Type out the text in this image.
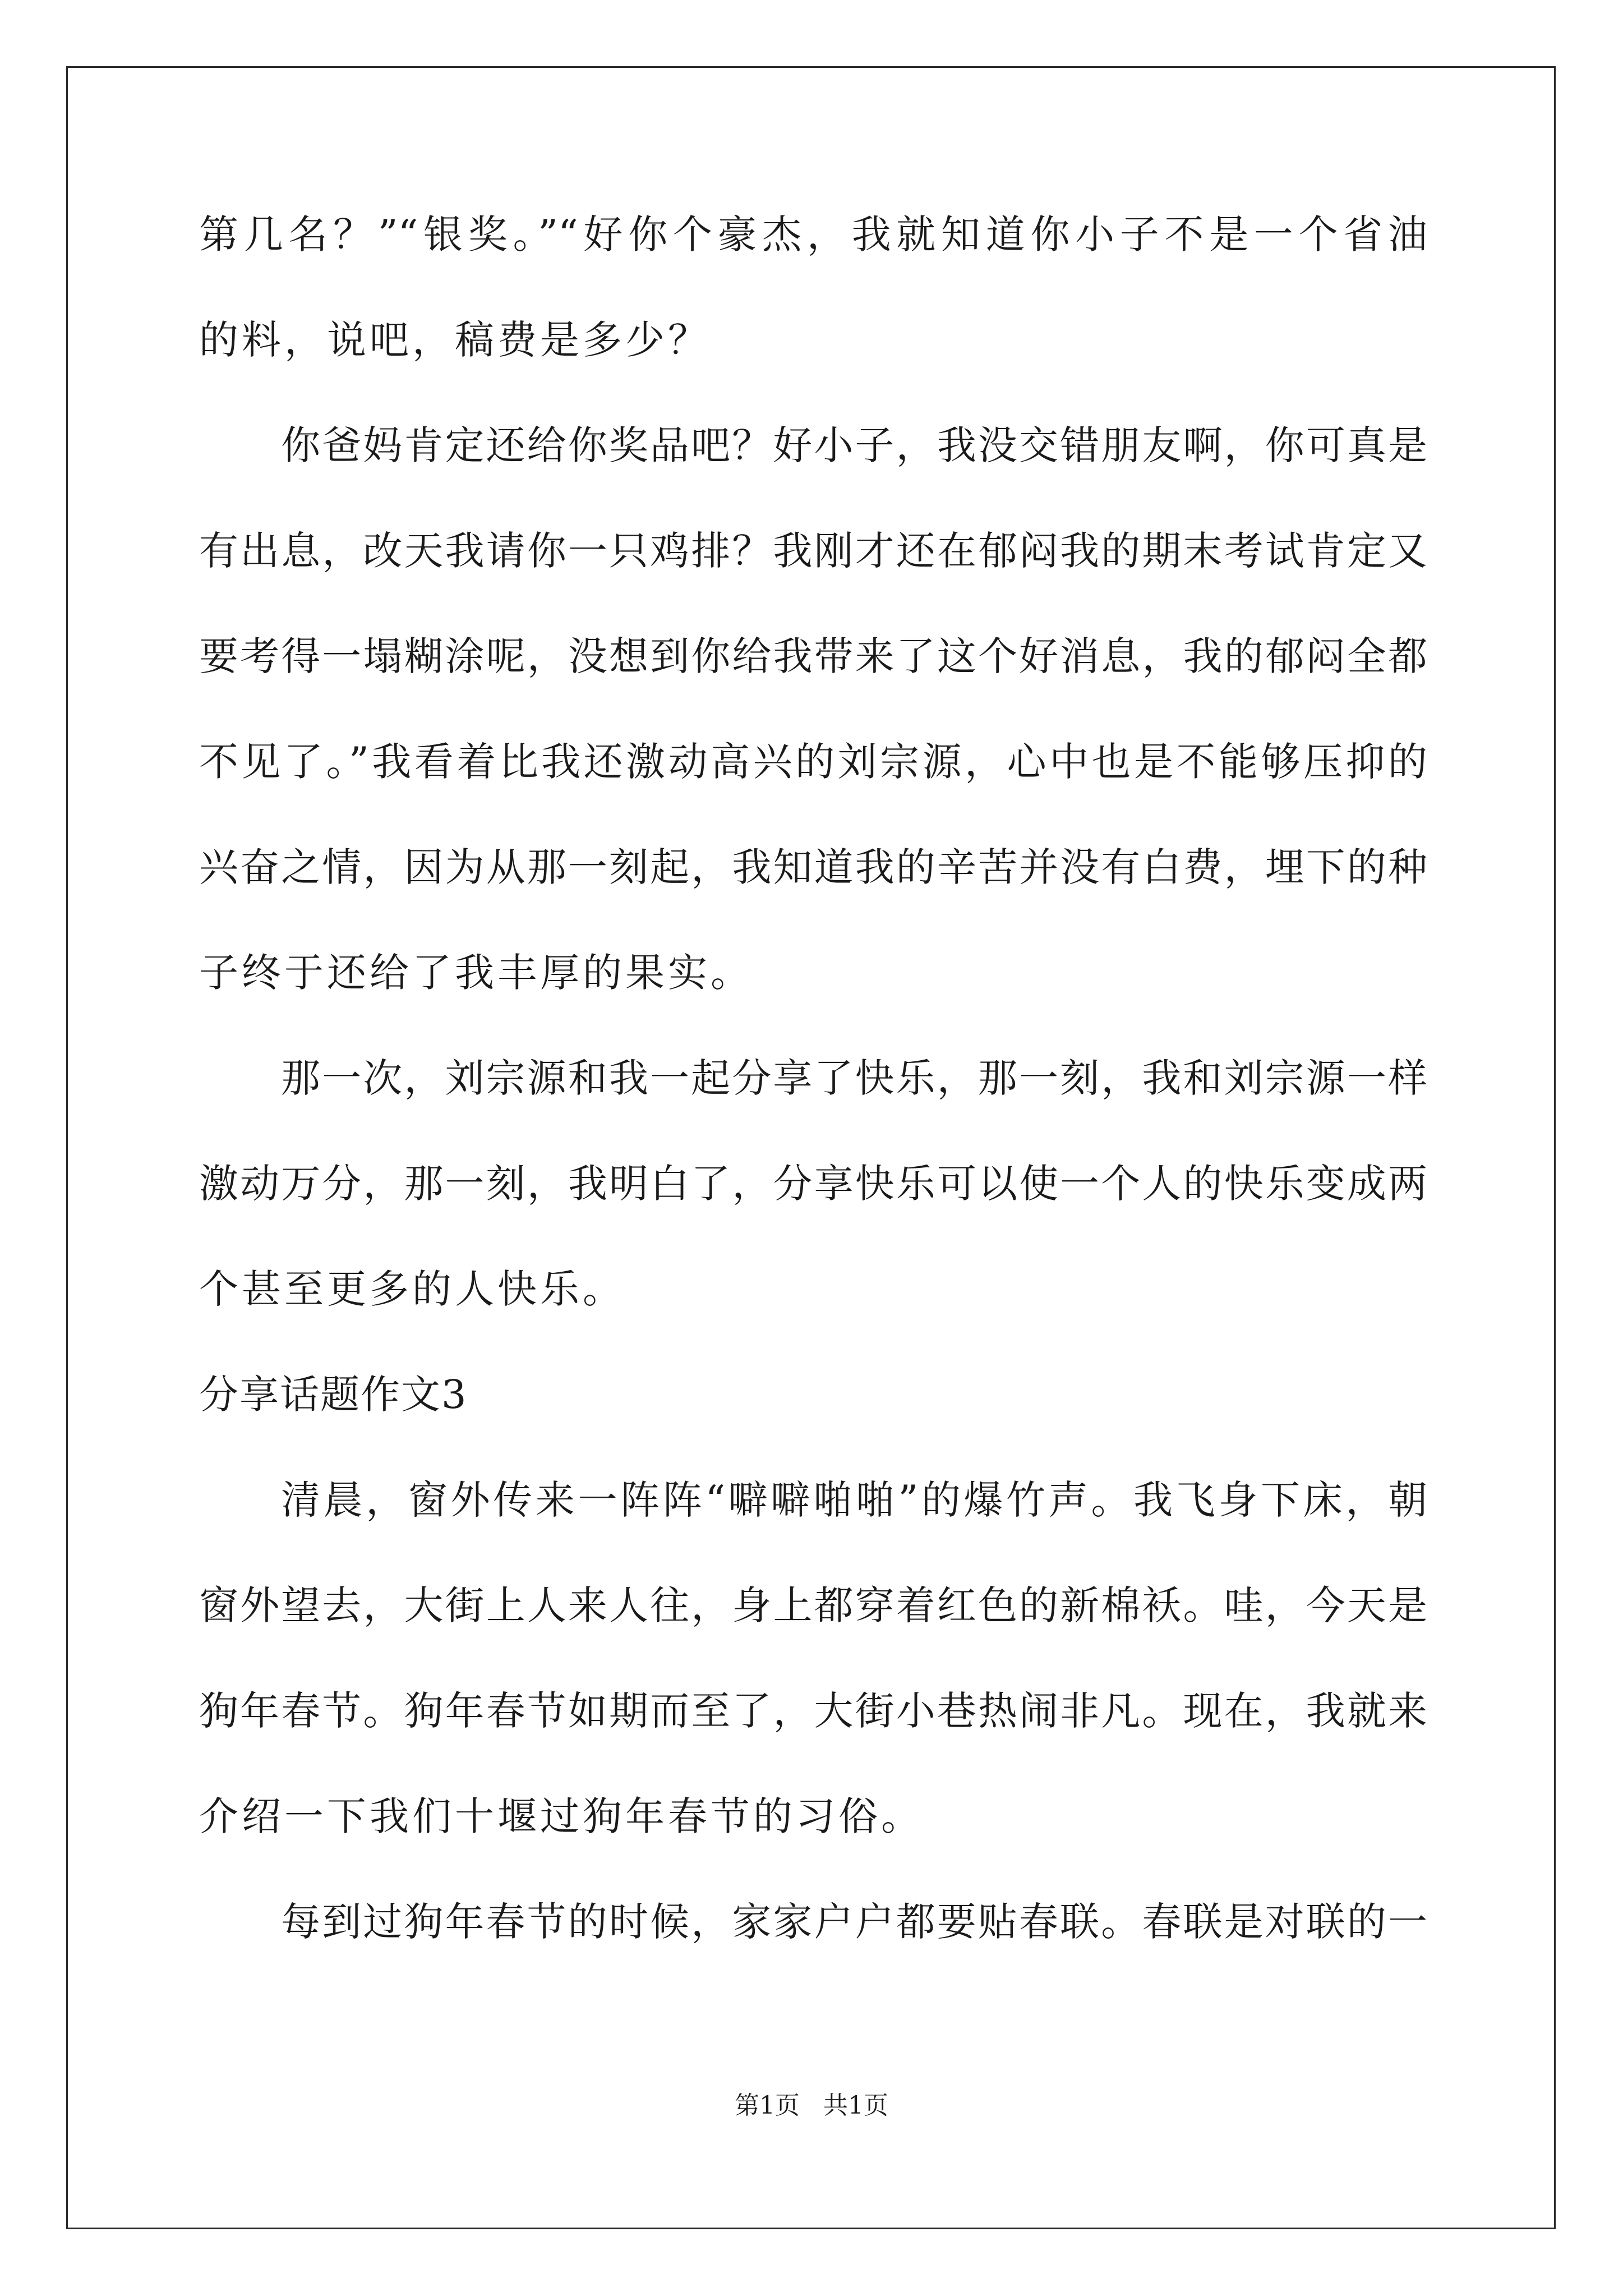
第几名？”“银奖。”“好你个豪杰，我就知道你小子不是一个省油
的料，说吧，稿费是多少？
你爸妈肯定还给你奖品吧？好小子，我没交错朋友啊，你可真是
有出息，改天我请你一只鸡排？我刚才还在郁闷我的期末考试肯定又
要考得一塌糊涂呢，没想到你给我带来了这个好消息，我的郁闷全都
不见了。”我看着比我还激动高兴的刘宗源，心中也是不能够压抑的
兴奋之情，因为从那一刻起，我知道我的辛苦并没有白费，埋下的种
子终于还给了我丰厚的果实。
那一次，刘宗源和我一起分享了快乐，那一刻，我和刘宗源一样
激动万分，那一刻，我明白了，分享快乐可以使一个人的快乐变成两
个甚至更多的人快乐。
分享话题作文3
清晨，窗外传来一阵阵“噼噼啪啪”的爆竹声。我飞身下床，朝
窗外望去，大街上人来人往，身上都穿着红色的新棉袄。哇，今天是
狗年春节。狗年春节如期而至了，大街小巷热闹非凡。现在，我就来
介绍一下我们十堰过狗年春节的习俗。
每到过狗年春节的时候，家家户户都要贴春联。春联是对联的一
第1页 共1页
